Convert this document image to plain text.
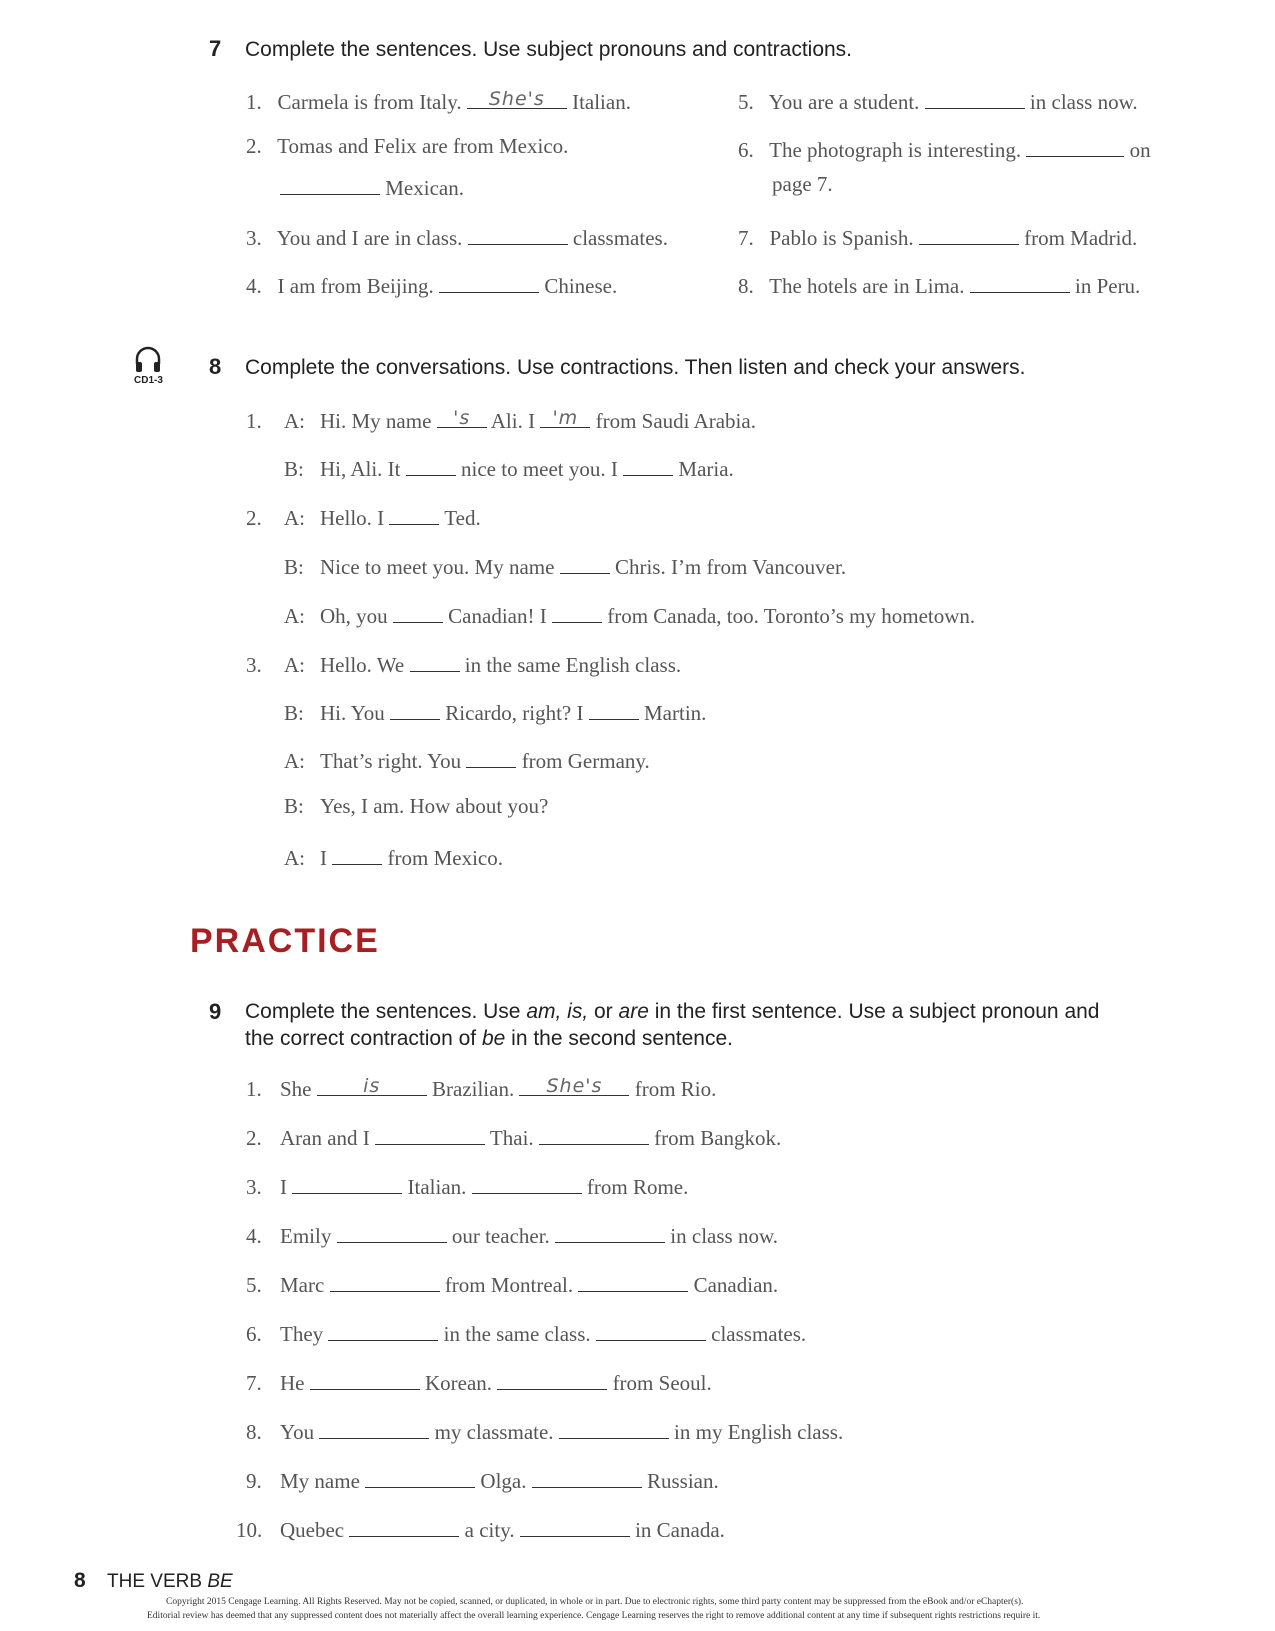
7 Complete the sentences. Use subject pronouns and contractions.
1. Carmela is from Italy.	She's	Italian.
2. Tomas and Felix are from Mexico.
Mexican.
3. You and I are in class.	classmates.
4. I am from Beijing.	Chinese.
5. You are a student.	in class now.
6. The photograph is interesting.	on
page 7.
7. Pablo is Spanish.	from Madrid.
8. The hotels are in Lima.	in Peru.
CD1-3
8 Complete the conversations. Use contractions. Then listen and check your answers.
1. A: Hi. My name	's Ali. I 'm from Saudi Arabia.
B: Hi, Ali. It	nice to meet you. I	Maria.
2. A: Hello. I	Ted.
B: Nice to meet you. My name	Chris. I’m from Vancouver.
A: Oh, you	Canadian! I	from Canada, too. Toronto’s my hometown.
3. A: Hello. We	in the same English class.
B: Hi. You	Ricardo, right? I	Martin.
A: That’s right. You	from Germany.
B: Yes, I am. How about you?
A: I	from Mexico.
PRACTICE
9 Complete the sentences. Use am, is, or are in the first sentence. Use a subject pronoun and
the correct contraction of be in the second sentence.
1. She	is	Brazilian.	She's	from Rio.
2. Aran and I	Thai.	from Bangkok.
3. I	Italian.	from Rome.
4. Emily	our teacher.	in class now.
5. Marc	from Montreal.	Canadian.
6. They	in the same class.	classmates.
7. He	Korean.	from Seoul.
8. You	my classmate.	in my English class.
9. My name	Olga.	Russian.
10. Quebec	a city.	in Canada.
8 THE VERB BE
Copyright 2015 Cengage Learning. All Rights Reserved. May not be copied, scanned, or duplicated, in whole or in part. Due to electronic rights, some third party content may be suppressed from the eBook and/or eChapter(s).
Editorial review has deemed that any suppressed content does not materially affect the overall learning experience. Cengage Learning reserves the right to remove additional content at any time if subsequent rights restrictions require it.
